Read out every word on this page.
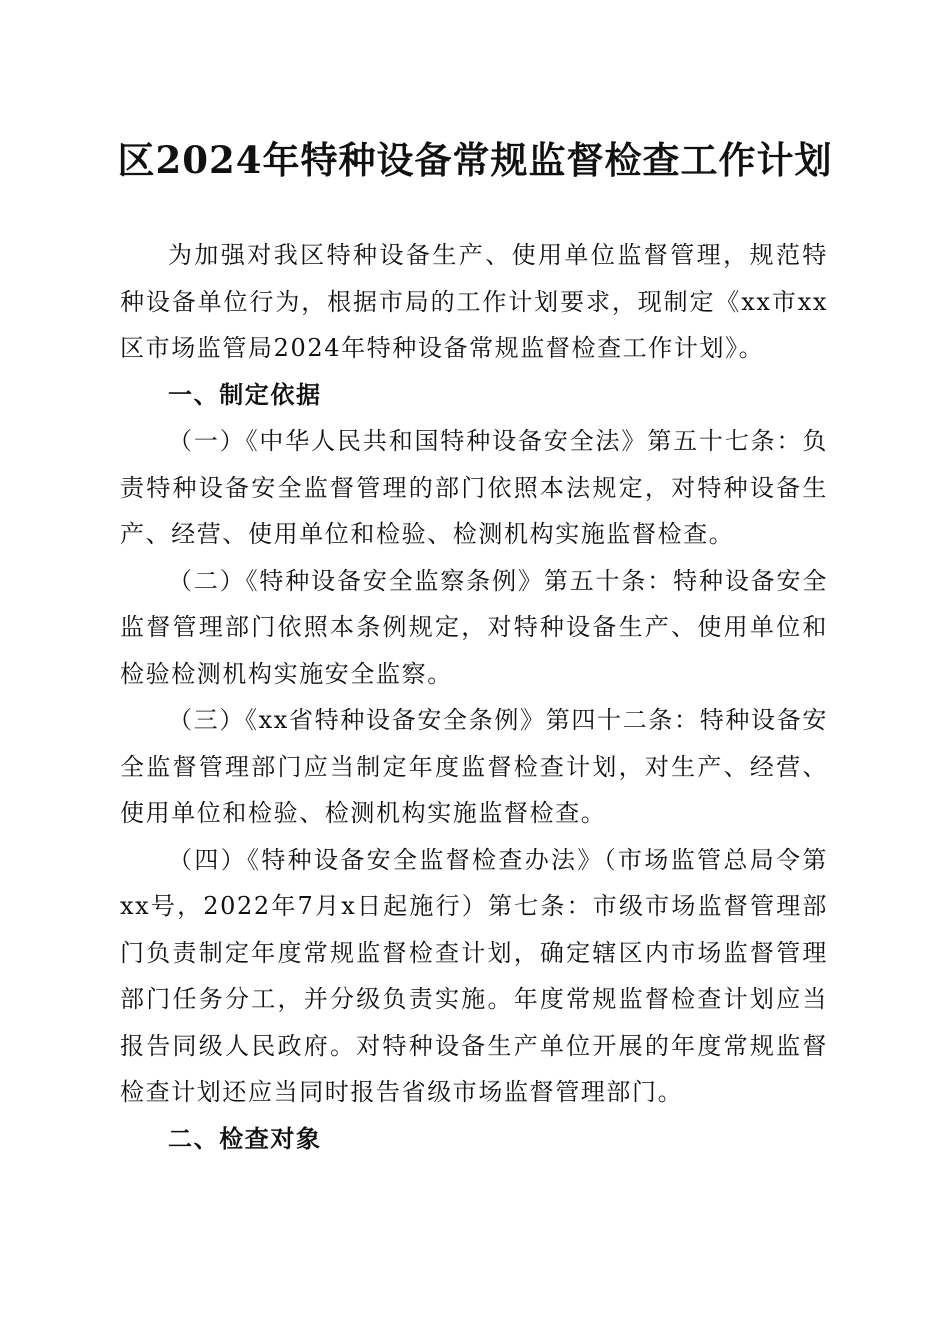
区2024年特种设备常规监督检查工作计划

为加强对我区特种设备生产、使用单位监督管理，规范特种设备单位行为，根据市局的工作计划要求，现制定《xx市xx区市场监管局2024年特种设备常规监督检查工作计划》。

一、制定依据

（一）《中华人民共和国特种设备安全法》第五十七条：负责特种设备安全监督管理的部门依照本法规定，对特种设备生产、经营、使用单位和检验、检测机构实施监督检查。

（二）《特种设备安全监察条例》第五十条：特种设备安全监督管理部门依照本条例规定，对特种设备生产、使用单位和检验检测机构实施安全监察。

（三）《xx省特种设备安全条例》第四十二条：特种设备安全监督管理部门应当制定年度监督检查计划，对生产、经营、使用单位和检验、检测机构实施监督检查。

（四）《特种设备安全监督检查办法》（市场监管总局令第xx号，2022年7月x日起施行）第七条：市级市场监督管理部门负责制定年度常规监督检查计划，确定辖区内市场监督管理部门任务分工，并分级负责实施。年度常规监督检查计划应当报告同级人民政府。对特种设备生产单位开展的年度常规监督检查计划还应当同时报告省级市场监督管理部门。

二、检查对象
